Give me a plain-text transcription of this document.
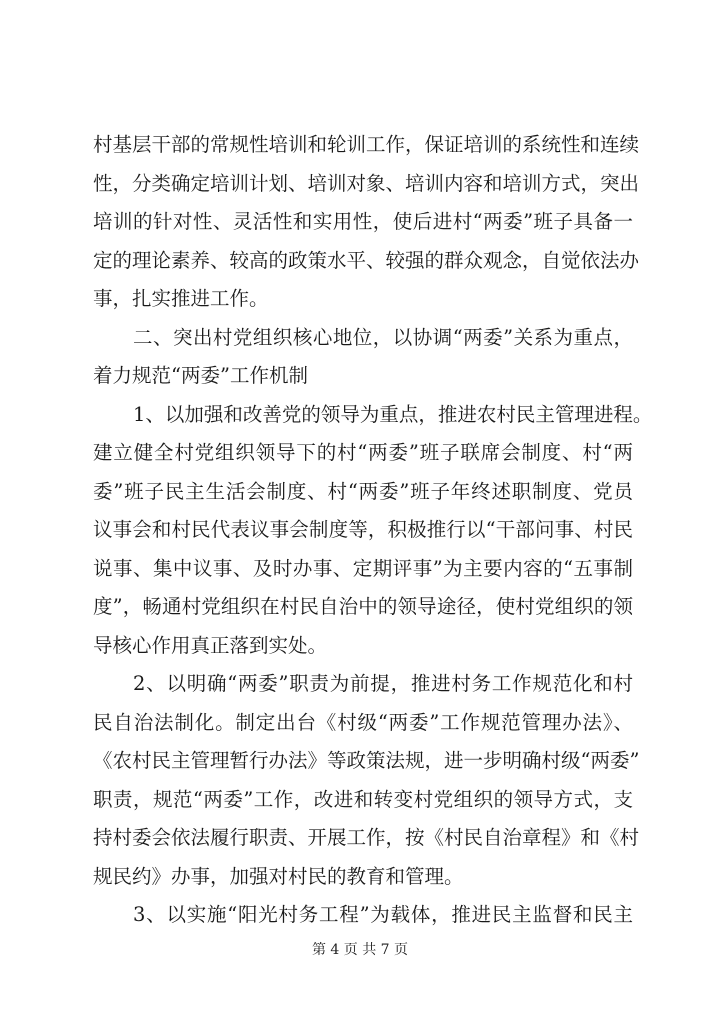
村基层干部的常规性培训和轮训工作，保证培训的系统性和连续
性，分类确定培训计划、培训对象、培训内容和培训方式，突出
培训的针对性、灵活性和实用性，使后进村“两委”班子具备一
定的理论素养、较高的政策水平、较强的群众观念，自觉依法办
事，扎实推进工作。
二、突出村党组织核心地位，以协调“两委”关系为重点，
着力规范“两委”工作机制
1、以加强和改善党的领导为重点，推进农村民主管理进程。
建立健全村党组织领导下的村“两委”班子联席会制度、村“两
委”班子民主生活会制度、村“两委”班子年终述职制度、党员
议事会和村民代表议事会制度等，积极推行以“干部问事、村民
说事、集中议事、及时办事、定期评事”为主要内容的“五事制
度”，畅通村党组织在村民自治中的领导途径，使村党组织的领
导核心作用真正落到实处。
2、以明确“两委”职责为前提，推进村务工作规范化和村
民自治法制化。制定出台《村级“两委”工作规范管理办法》、
《农村民主管理暂行办法》等政策法规，进一步明确村级“两委”
职责，规范“两委”工作，改进和转变村党组织的领导方式，支
持村委会依法履行职责、开展工作，按《村民自治章程》和《村
规民约》办事，加强对村民的教育和管理。
3、以实施“阳光村务工程”为载体，推进民主监督和民主
第 4 页 共 7 页
